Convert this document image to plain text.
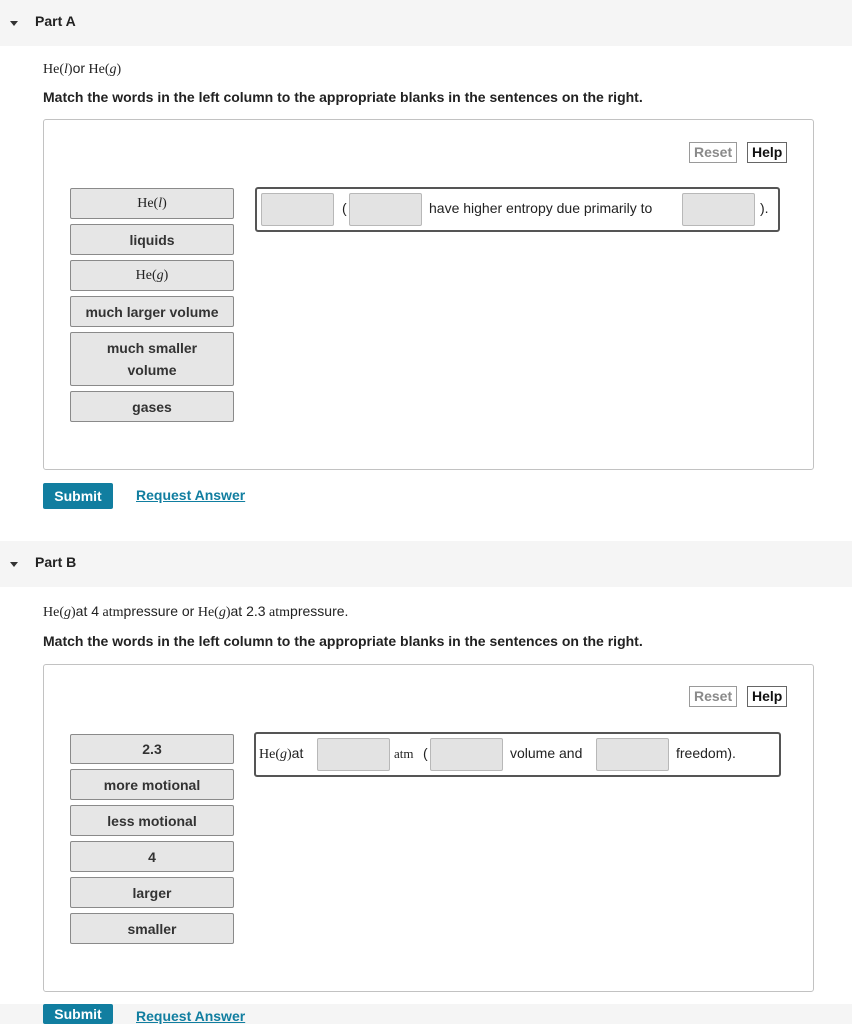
Part A
He(l)or He(g)
Match the words in the left column to the appropriate blanks in the sentences on the right.
Reset	Help
He( l )
liquids
He( g )
much larger volume
much smaller volume
gases
(	have higher entropy due primarily to	).
Submit	Request Answer
Part B
He(g)at 4 atmpressure or He(g)at 2.3 atmpressure.
Match the words in the left column to the appropriate blanks in the sentences on the right.
Reset	Help
2.3
more motional
less motional
4
larger
smaller
He(g)at	atm (	volume and	freedom).
Submit	Request Answer
